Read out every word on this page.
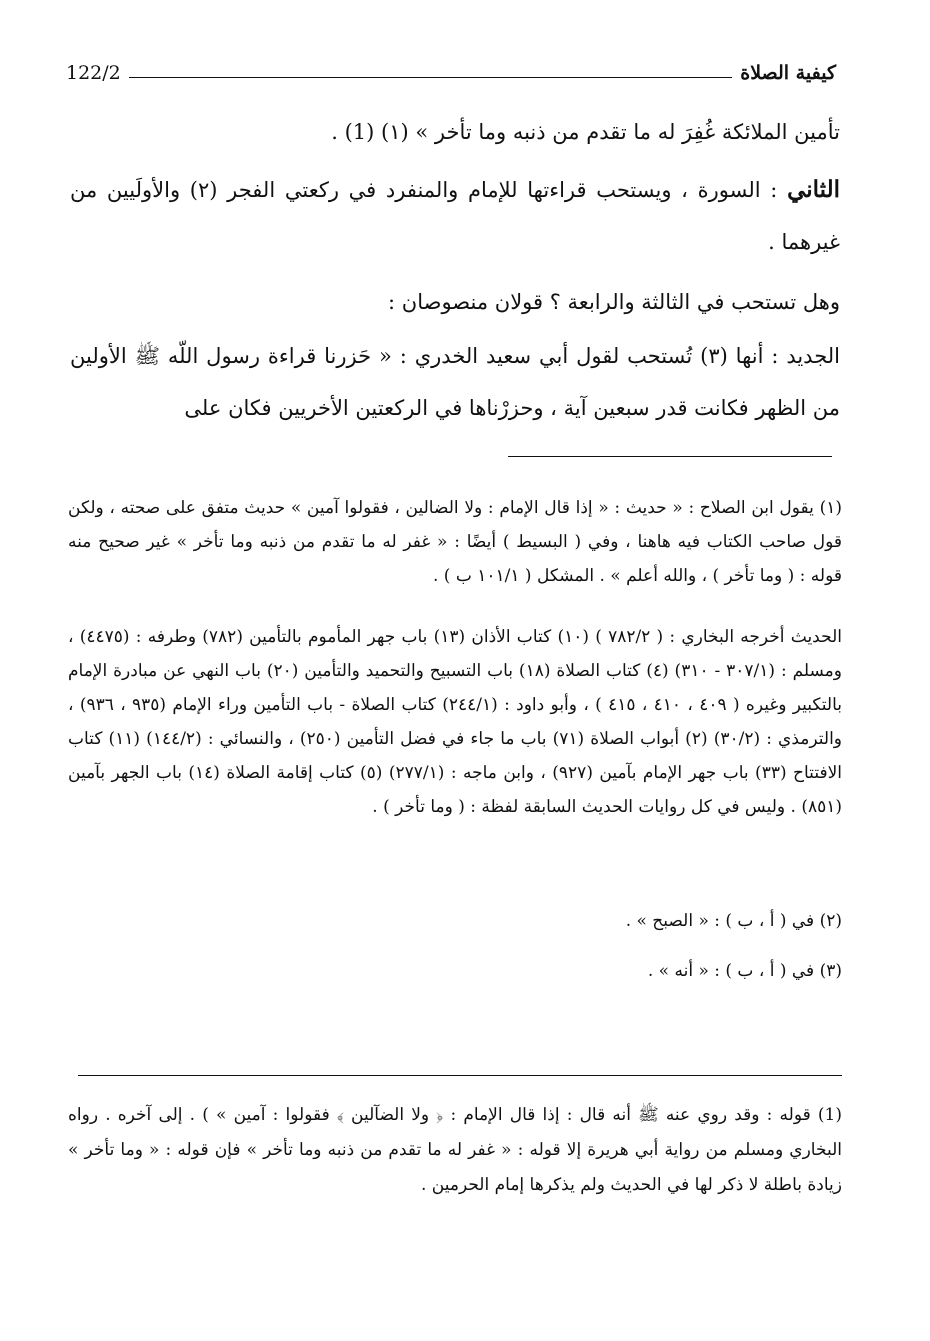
122/2	كيفية الصلاة

تأمين الملائكة غُفِرَ له ما تقدم من ذنبه وما تأخر » (١) (1) .

الثاني : السورة ، ويستحب قراءتها للإمام والمنفرد في ركعتي الفجر (٢) والأولَيين من غيرهما .

وهل تستحب في الثالثة والرابعة ؟ قولان منصوصان :

الجديد : أنها (٣) تُستحب لقول أبي سعيد الخدري : « حَزرنا قراءة رسول اللّه ﷺ الأولين من الظهر فكانت قدر سبعين آية ، وحزرْناها في الركعتين الأخريين فكان على

(١) يقول ابن الصلاح : « حديث : « إذا قال الإمام : ولا الضالين ، فقولوا آمين » حديث متفق على صحته ، ولكن قول صاحب الكتاب فيه هاهنا ، وفي ( البسيط ) أيضًا : « غفر له ما تقدم من ذنبه وما تأخر » غير صحيح منه قوله : ( وما تأخر ) ، والله أعلم » . المشكل ( ١٠١/١ ب ) .

الحديث أخرجه البخاري : ( ٧٨٢/٢ ) (١٠) كتاب الأذان (١٣) باب جهر المأموم بالتأمين (٧٨٢) وطرفه : (٤٤٧٥) ، ومسلم : (٣٠٧/١ - ٣١٠) (٤) كتاب الصلاة (١٨) باب التسبيح والتحميد والتأمين (٢٠) باب النهي عن مبادرة الإمام بالتكبير وغيره ( ٤٠٩ ، ٤١٠ ، ٤١٥ ) ، وأبو داود : (٢٤٤/١) كتاب الصلاة - باب التأمين وراء الإمام (٩٣٥ ، ٩٣٦) ، والترمذي : (٣٠/٢) (٢) أبواب الصلاة (٧١) باب ما جاء في فضل التأمين (٢٥٠) ، والنسائي : (١٤٤/٢) (١١) كتاب الافتتاح (٣٣) باب جهر الإمام بآمين (٩٢٧) ، وابن ماجه : (٢٧٧/١) (٥) كتاب إقامة الصلاة (١٤) باب الجهر بآمين (٨٥١) . وليس في كل روايات الحديث السابقة لفظة : ( وما تأخر ) .

(٢) في ( أ ، ب ) : « الصبح » .

(٣) في ( أ ، ب ) : « أنه » .

(1) قوله : وقد روي عنه ﷺ أنه قال : إذا قال الإمام : ﴿ ولا الضآلين ﴾ فقولوا : آمين » ) . إلى آخره . رواه البخاري ومسلم من رواية أبي هريرة إلا قوله : « غفر له ما تقدم من ذنبه وما تأخر » فإن قوله : « وما تأخر » زيادة باطلة لا ذكر لها في الحديث ولم يذكرها إمام الحرمين .
